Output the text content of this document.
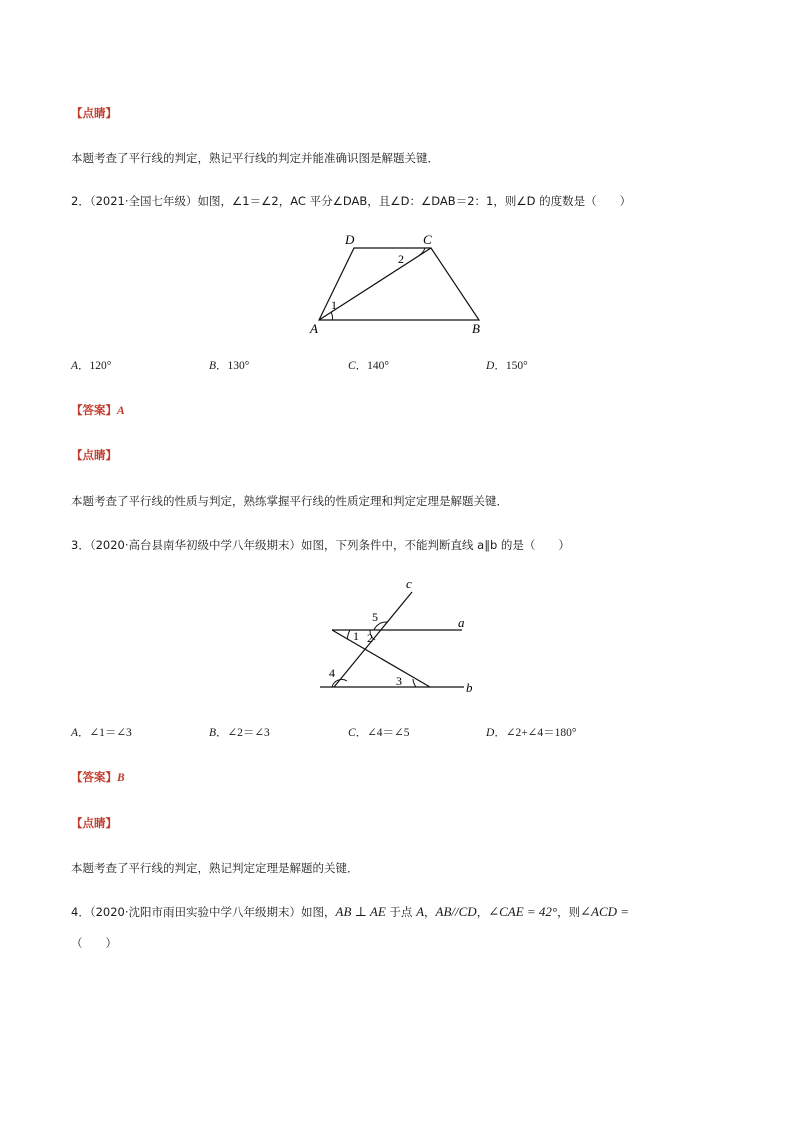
【点睛】
本题考查了平行线的判定，熟记平行线的判定并能准确识图是解题关键．
2．（2021·全国七年级）如图，∠1＝∠2，AC 平分∠DAB，且∠D：∠DAB＝2：1，则∠D 的度数是（　　）
D	C
A	B
1
2
A．120°	B．130°	C．140°	D．150°
【答案】A
【点睛】
本题考查了平行线的性质与判定，熟练掌握平行线的性质定理和判定定理是解题关键．
3．（2020·高台县南华初级中学八年级期末）如图，下列条件中，不能判断直线 a∥b 的是（　　）
c
a
b
1 2
3
4
5
A．∠1＝∠3	B．∠2＝∠3	C．∠4＝∠5	D．∠2+∠4＝180°
【答案】B
【点睛】
本题考查了平行线的判定，熟记判定定理是解题的关键．
4．（2020·沈阳市雨田实验中学八年级期末）如图，AB ⊥ AE 于点 A，AB//CD，∠CAE = 42°，则∠ACD =
（　　）
